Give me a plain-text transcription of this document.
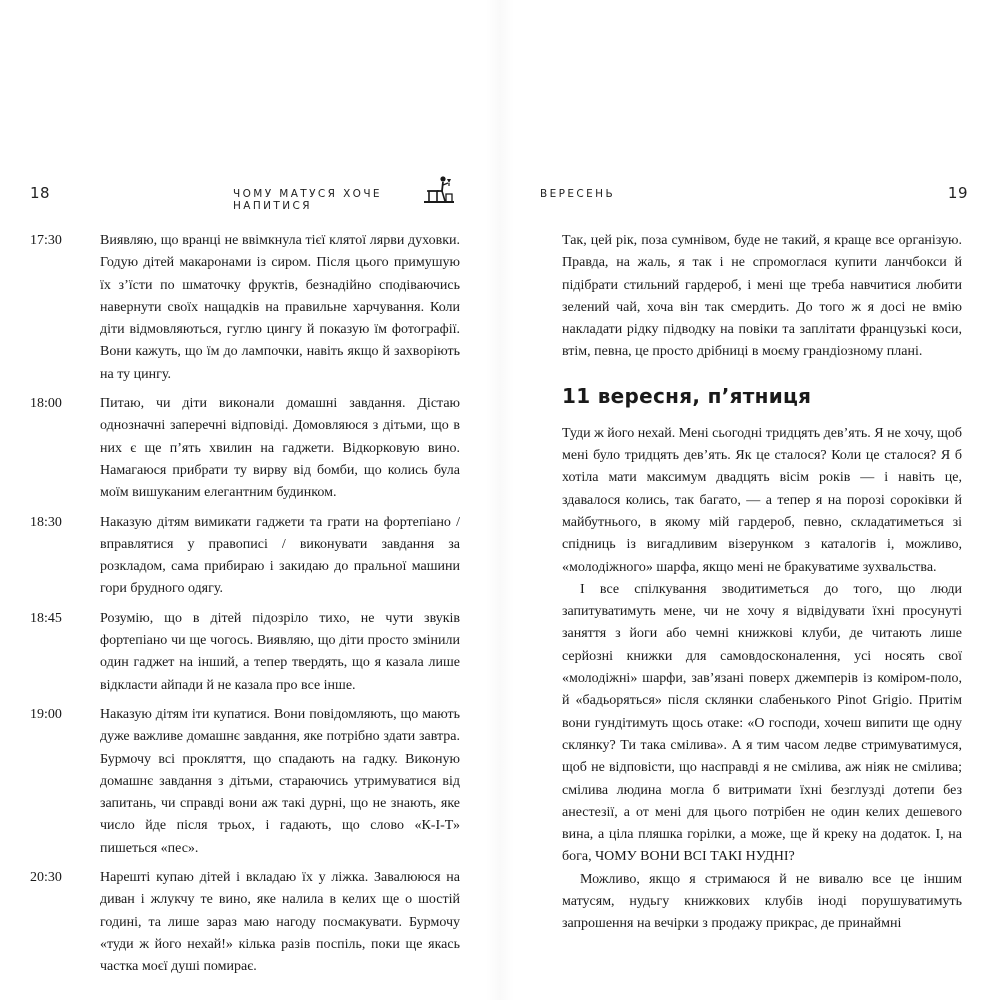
18	ЧОМУ МАТУСЯ ХОЧЕ НАПИТИСЯ
17:30	Виявляю, що вранці не ввімкнула тієї клятої лярви духовки. Годую дітей макаронами із сиром. Після цього примушую їх з’їсти по шматочку фруктів, безнадійно сподіваючись навернути своїх нащадків на правильне харчування. Коли діти відмовляються, гуглю цингу й показую їм фотографії. Вони кажуть, що їм до лампочки, навіть якщо й захворіють на ту цингу.
18:00	Питаю, чи діти виконали домашні завдання. Дістаю однозначні заперечні відповіді. Домовляюся з дітьми, що в них є ще п’ять хвилин на гаджети. Відкорковую вино. Намагаюся прибрати ту вирву від бомби, що колись була моїм вишуканим елегантним будинком.
18:30	Наказую дітям вимикати гаджети та грати на фортепіано / вправлятися у правописі / виконувати завдання за розкладом, сама прибираю і закидаю до пральної машини гори брудного одягу.
18:45	Розумію, що в дітей підозріло тихо, не чути звуків фортепіано чи ще чогось. Виявляю, що діти просто змінили один гаджет на інший, а тепер твердять, що я казала лише відкласти айпади й не казала про все інше.
19:00	Наказую дітям іти купатися. Вони повідомляють, що мають дуже важливе домашнє завдання, яке потрібно здати завтра. Бурмочу всі прокляття, що спадають на гадку. Виконую домашнє завдання з дітьми, стараючись утримуватися від запитань, чи справді вони аж такі дурні, що не знають, яке число йде після трьох, і гадають, що слово «К-І-Т» пишеться «пес».
20:30	Нарешті купаю дітей і вкладаю їх у ліжка. Завалююся на диван і жлукчу те вино, яке налила в келих ще о шостій годині, та лише зараз маю нагоду посмакувати. Бурмочу «туди ж його нехай!» кілька разів поспіль, поки ще якась частка моєї душі помирає.
ВЕРЕСЕНЬ	19

Так, цей рік, поза сумнівом, буде не такий, я краще все організую. Правда, на жаль, я так і не спромоглася купити ланчбокси й підібрати стильний гардероб, і мені ще треба навчитися любити зелений чай, хоча він так смердить. До того ж я досі не вмію накладати рідку підводку на повіки та заплітати французькі коси, втім, певна, це просто дрібниці в моєму грандіозному плані.

11 вересня, п’ятниця

Туди ж його нехай. Мені сьогодні тридцять дев’ять. Я не хочу, щоб мені було тридцять дев’ять. Як це сталося? Коли це сталося? Я б хотіла мати максимум двадцять вісім років — і навіть це, здавалося колись, так багато, — а тепер я на порозі сороківки й майбутнього, в якому мій гардероб, певно, складатиметься зі спідниць із вигадливим візерунком з каталогів і, можливо, «молодіжного» шарфа, якщо мені не бракуватиме зухвальства.

І все спілкування зводитиметься до того, що люди запитуватимуть мене, чи не хочу я відвідувати їхні просунуті заняття з йоги або чемні книжкові клуби, де читають лише серйозні книжки для самовдосконалення, усі носять свої «молодіжні» шарфи, зав’язані поверх джемперів із коміром-поло, й «бадьоряться» після склянки слабенького Pinot Grigio. Притім вони гундітимуть щось отаке: «О господи, хочеш випити ще одну склянку? Ти така смілива». А я тим часом ледве стримуватимуся, щоб не відповісти, що насправді я не смілива, аж ніяк не смілива; смілива людина могла б витримати їхні безглузді дотепи без анестезії, а от мені для цього потрібен не один келих дешевого вина, а ціла пляшка горілки, а може, ще й крекy на додаток. І, на бога, ЧОМУ ВОНИ ВСІ ТАКІ НУДНІ?

Можливо, якщо я стримаюся й не вивалю все це іншим матусям, нудьгу книжкових клубів іноді порушуватимуть запрошення на вечірки з продажу прикрас, де принаймні
